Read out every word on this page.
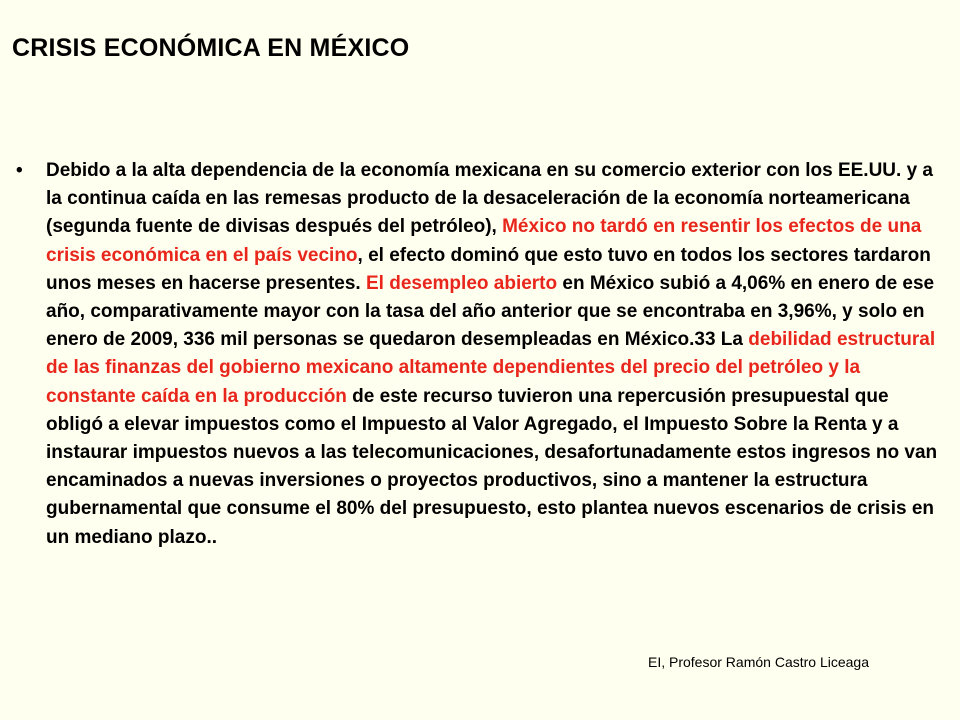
CRISIS ECONÓMICA EN MÉXICO
• Debido a la alta dependencia de la economía mexicana en su comercio exterior con los EE.UU. y a la continua caída en las remesas producto de la desaceleración de la economía norteamericana (segunda fuente de divisas después del petróleo), México no tardó en resentir los efectos de una crisis económica en el país vecino, el efecto dominó que esto tuvo en todos los sectores tardaron unos meses en hacerse presentes. El desempleo abierto en México subió a 4,06% en enero de ese año, comparativamente mayor con la tasa del año anterior que se encontraba en 3,96%, y solo en enero de 2009, 336 mil personas se quedaron desempleadas en México.33 La debilidad estructural de las finanzas del gobierno mexicano altamente dependientes del precio del petróleo y la constante caída en la producción de este recurso tuvieron una repercusión presupuestal que obligó a elevar impuestos como el Impuesto al Valor Agregado, el Impuesto Sobre la Renta y a instaurar impuestos nuevos a las telecomunicaciones, desafortunadamente estos ingresos no van encaminados a nuevas inversiones o proyectos productivos, sino a mantener la estructura gubernamental que consume el 80% del presupuesto, esto plantea nuevos escenarios de crisis en un mediano plazo..

EI, Profesor Ramón Castro Liceaga
